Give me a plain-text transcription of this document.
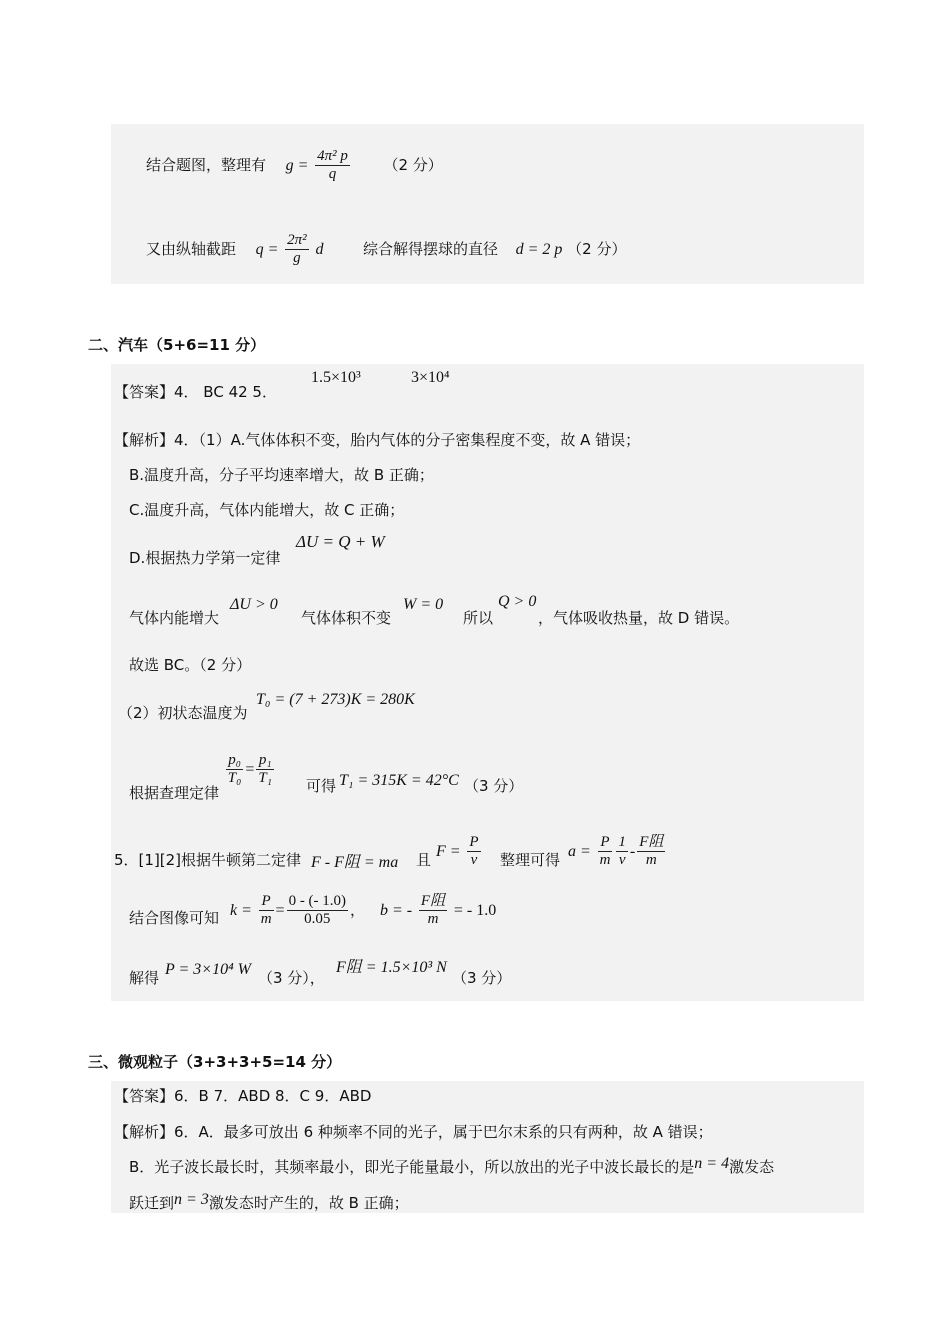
结合题图，整理有 $g = \frac{\text{4π² p}}{q} (2$ 分）
又由纵轴截距 $q = \frac{\text{2π²}}{g}$ d	综合解得摆球的直径 d = 2 p （2 分）
二、汽车（5+6=11 分）
【答案】4． BC 42 5．
1.5×10³	3×10⁴
【解析】4．（1）A.气体体积不变，胎内气体的分子密集程度不变，故 A 错误；
B.温度升高，分子平均速率增大，故 B 正确；
C.温度升高，气体内能增大，故 C 正确；
D.根据热力学第一定律
ΔU = Q + W
气体内能增大
ΔU > 0
气体体积不变
W = 0
所以
Q > 0
，气体吸收热量，故 D 错误。
故选 BC。（2 分）
（2）初状态温度为
T₀ = (7 + 273)K = 280K
根据查理定律
$\frac{\text{p₀}}{\text{T₀}} = \frac{\text{p₁}}{\text{T₁}}$ 可得 T₁ = 315K = 42°C （3 分）
5．[1][2]根据牛顿第二定律 F - F阻 = ma 且 $F = \frac{P}{v}$ 整理可得 $a = \frac{P}{m} \frac{1}{v} - \frac{\text{F阻}}{m}$
结合图像可知 $k = \frac{P}{m} = \frac{0 - (- 1.0)}{0.05}$ ， b = - $\frac{\text{F阻}}{m}$ = - 1.0
解得 P = 3×10⁴ W （3 分），
F阻 = 1.5×10³ N
（3 分）
三、微观粒子（3+3+3+5=14 分）
【答案】6．B 7．ABD 8．C 9．ABD
【解析】6．A．最多可放出 6 种频率不同的光子，属于巴尔末系的只有两种，故 A 错误；
B．光子波长最长时，其频率最小，即光子能量最小，所以放出的光子中波长最长的是n = 4激发态
跃迁到n = 3激发态时产生的，故 B 正确；
